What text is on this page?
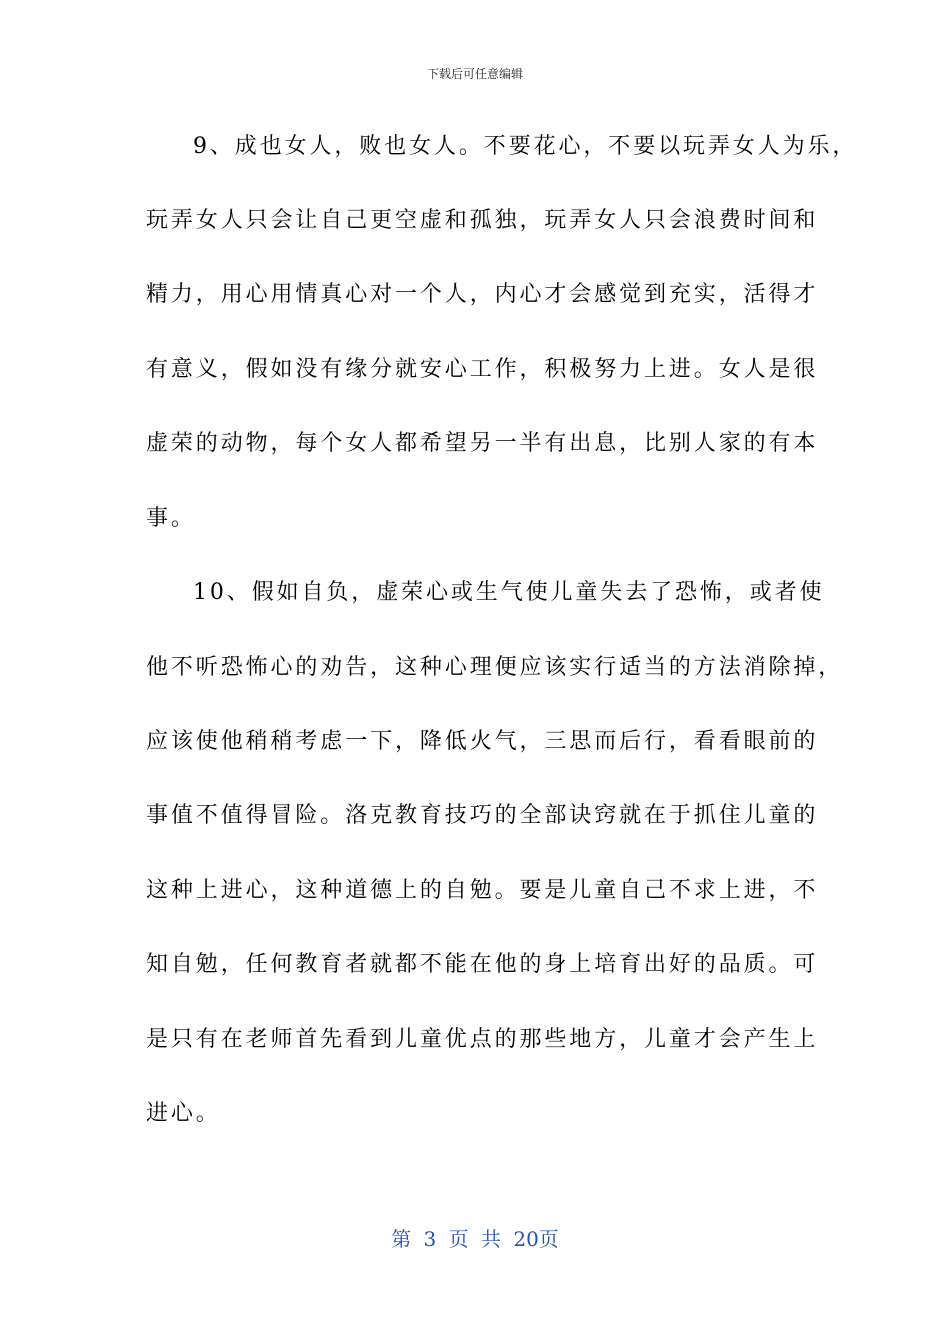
下载后可任意编辑
9、成也女人，败也女人。不要花心，不要以玩弄女人为乐，
玩弄女人只会让自己更空虚和孤独，玩弄女人只会浪费时间和
精力，用心用情真心对一个人，内心才会感觉到充实，活得才
有意义，假如没有缘分就安心工作，积极努力上进。女人是很
虚荣的动物，每个女人都希望另一半有出息，比别人家的有本
事。
10、假如自负，虚荣心或生气使儿童失去了恐怖，或者使
他不听恐怖心的劝告，这种心理便应该实行适当的方法消除掉，
应该使他稍稍考虑一下，降低火气，三思而后行，看看眼前的
事值不值得冒险。洛克教育技巧的全部诀窍就在于抓住儿童的
这种上进心，这种道德上的自勉。要是儿童自己不求上进，不
知自勉，任何教育者就都不能在他的身上培育出好的品质。可
是只有在老师首先看到儿童优点的那些地方，儿童才会产生上
进心。
第 3 页 共 20页
